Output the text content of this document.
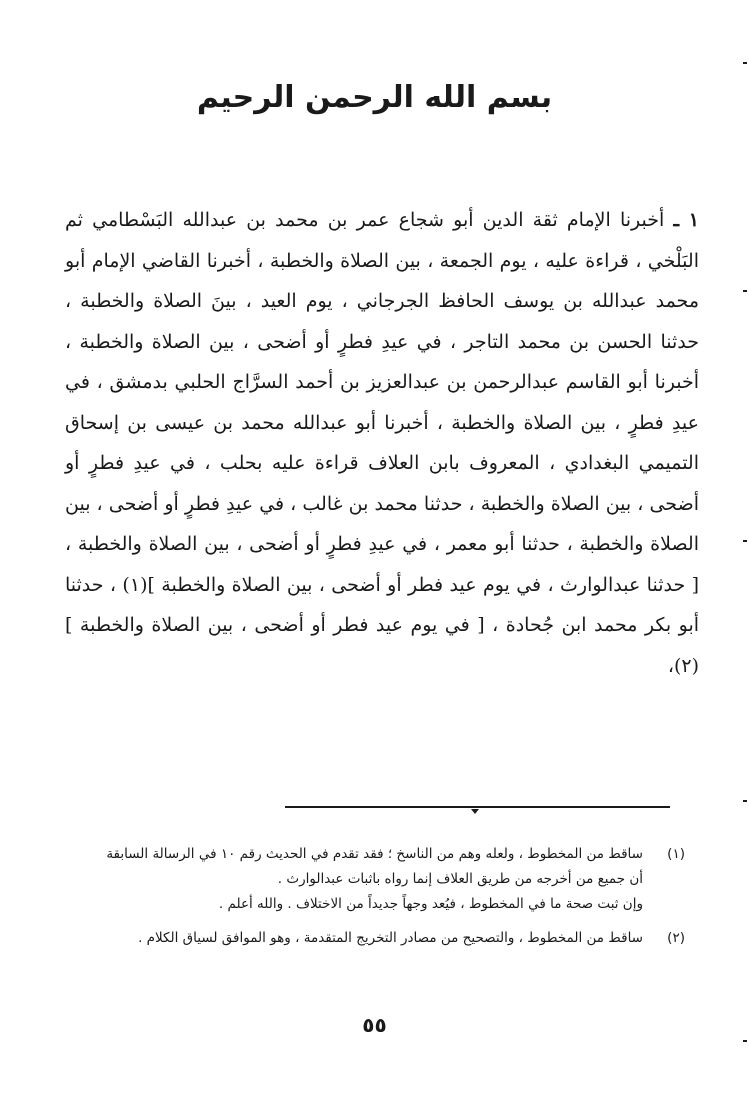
بسم الله الرحمن الرحيم
١ ـ أخبرنا الإمام ثقة الدين أبو شجاع عمر بن محمد بن عبدالله البَسْطامي ثم البَلْخي ، قراءة عليه ، يوم الجمعة ، بين الصلاة والخطبة ، أخبرنا القاضي الإمام أبو محمد عبدالله بن يوسف الحافظ الجرجاني ، يوم العيد ، بينَ الصلاة والخطبة ، حدثنا الحسن بن محمد التاجر ، في عيدِ فطرٍ أو أضحى ، بين الصلاة والخطبة ، أخبرنا أبو القاسم عبدالرحمن بن عبدالعزيز بن أحمد السرَّاج الحلبي بدمشق ، في عيدِ فطرٍ ، بين الصلاة والخطبة ، أخبرنا أبو عبدالله محمد بن عيسى بن إسحاق التميمي البغدادي ، المعروف بابن العلاف قراءة عليه بحلب ، في عيدِ فطرٍ أو أضحى ، بين الصلاة والخطبة ، حدثنا محمد بن غالب ، في عيدِ فطرٍ أو أضحى ، بين الصلاة والخطبة ، حدثنا أبو معمر ، في عيدِ فطرٍ أو أضحى ، بين الصلاة والخطبة ، [ حدثنا عبدالوارث ، في يوم عيد فطر أو أضحى ، بين الصلاة والخطبة ](١) ، حدثنا أبو بكر محمد ابن جُحادة ، [ في يوم عيد فطر أو أضحى ، بين الصلاة والخطبة ](٢)،
(١)
ساقط من المخطوط ، ولعله وهم من الناسخ ؛ فقد تقدم في الحديث رقم ١٠ في الرسالة السابقة
أن جميع من أخرجه من طريق العلاف إنما رواه باثبات عبدالوارث .
وإن ثبت صحة ما في المخطوط ، فيُعد وجهاً جديداً من الاختلاف . والله أعلم .
(٢)
ساقط من المخطوط ، والتصحيح من مصادر التخريج المتقدمة ، وهو الموافق لسياق الكلام .
٥٥
